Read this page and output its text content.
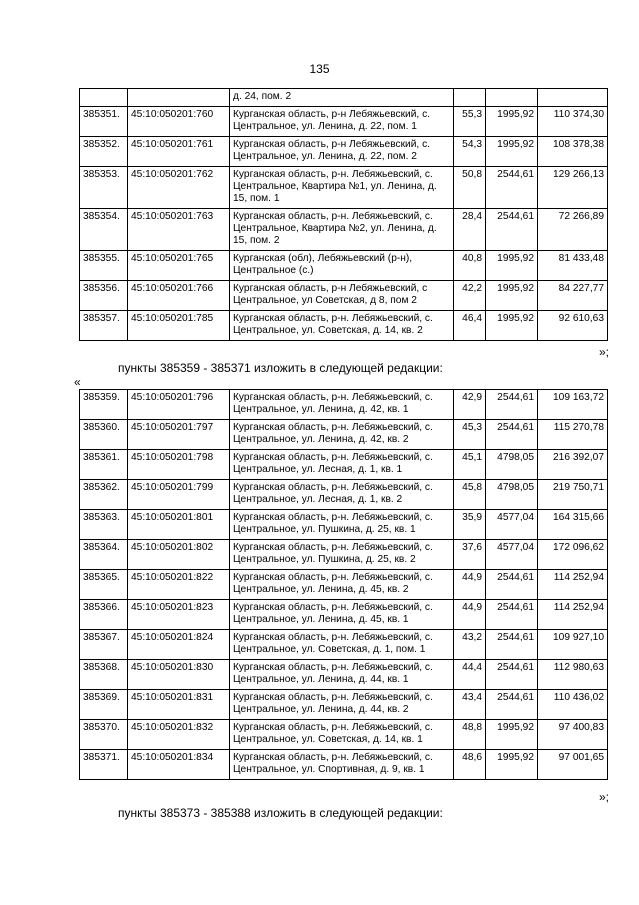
135
		д. 24, пом. 2			
385351.	45:10:050201:760	Курганская область, р-н Лебяжьевский, с. Центральное, ул. Ленина, д. 22, пом. 1	55,3	1995,92	110 374,30
385352.	45:10:050201:761	Курганская область, р-н Лебяжьевский, с. Центральное, ул. Ленина, д. 22, пом. 2	54,3	1995,92	108 378,38
385353.	45:10:050201:762	Курганская область, р-н. Лебяжьевский, с. Центральное, Квартира №1, ул. Ленина, д. 15, пом. 1	50,8	2544,61	129 266,13
385354.	45:10:050201:763	Курганская область, р-н. Лебяжьевский, с. Центральное, Квартира №2, ул. Ленина, д. 15, пом. 2	28,4	2544,61	72 266,89
385355.	45:10:050201:765	Курганская (обл), Лебяжьевский (р-н), Центральное (с.)	40,8	1995,92	81 433,48
385356.	45:10:050201:766	Курганская область, р-н Лебяжьевский, с Центральное, ул Советская, д 8, пом 2	42,2	1995,92	84 227,77
385357.	45:10:050201:785	Курганская область, р-н. Лебяжьевский, с. Центральное, ул. Советская, д. 14, кв. 2	46,4	1995,92	92 610,63
»;
пункты 385359 - 385371 изложить в следующей редакции:
«
385359.	45:10:050201:796	Курганская область, р-н. Лебяжьевский, с. Центральное, ул. Ленина, д. 42, кв. 1	42,9	2544,61	109 163,72
385360.	45:10:050201:797	Курганская область, р-н. Лебяжьевский, с. Центральное, ул. Ленина, д. 42, кв. 2	45,3	2544,61	115 270,78
385361.	45:10:050201:798	Курганская область, р-н. Лебяжьевский, с. Центральное, ул. Лесная, д. 1, кв. 1	45,1	4798,05	216 392,07
385362.	45:10:050201:799	Курганская область, р-н. Лебяжьевский, с. Центральное, ул. Лесная, д. 1, кв. 2	45,8	4798,05	219 750,71
385363.	45:10:050201:801	Курганская область, р-н. Лебяжьевский, с. Центральное, ул. Пушкина, д. 25, кв. 1	35,9	4577,04	164 315,66
385364.	45:10:050201:802	Курганская область, р-н. Лебяжьевский, с. Центральное, ул. Пушкина, д. 25, кв. 2	37,6	4577,04	172 096,62
385365.	45:10:050201:822	Курганская область, р-н. Лебяжьевский, с. Центральное, ул. Ленина, д. 45, кв. 2	44,9	2544,61	114 252,94
385366.	45:10:050201:823	Курганская область, р-н. Лебяжьевский, с. Центральное, ул. Ленина, д. 45, кв. 1	44,9	2544,61	114 252,94
385367.	45:10:050201:824	Курганская область, р-н. Лебяжьевский, с. Центральное, ул. Советская, д. 1, пом. 1	43,2	2544,61	109 927,10
385368.	45:10:050201:830	Курганская область, р-н. Лебяжьевский, с. Центральное, ул. Ленина, д. 44, кв. 1	44,4	2544,61	112 980,63
385369.	45:10:050201:831	Курганская область, р-н. Лебяжьевский, с. Центральное, ул. Ленина, д. 44, кв. 2	43,4	2544,61	110 436,02
385370.	45:10:050201:832	Курганская область, р-н. Лебяжьевский, с. Центральное, ул. Советская, д. 14, кв. 1	48,8	1995,92	97 400,83
385371.	45:10:050201:834	Курганская область, р-н. Лебяжьевский, с. Центральное, ул. Спортивная, д. 9, кв. 1	48,6	1995,92	97 001,65
»;
пункты 385373 - 385388 изложить в следующей редакции:
